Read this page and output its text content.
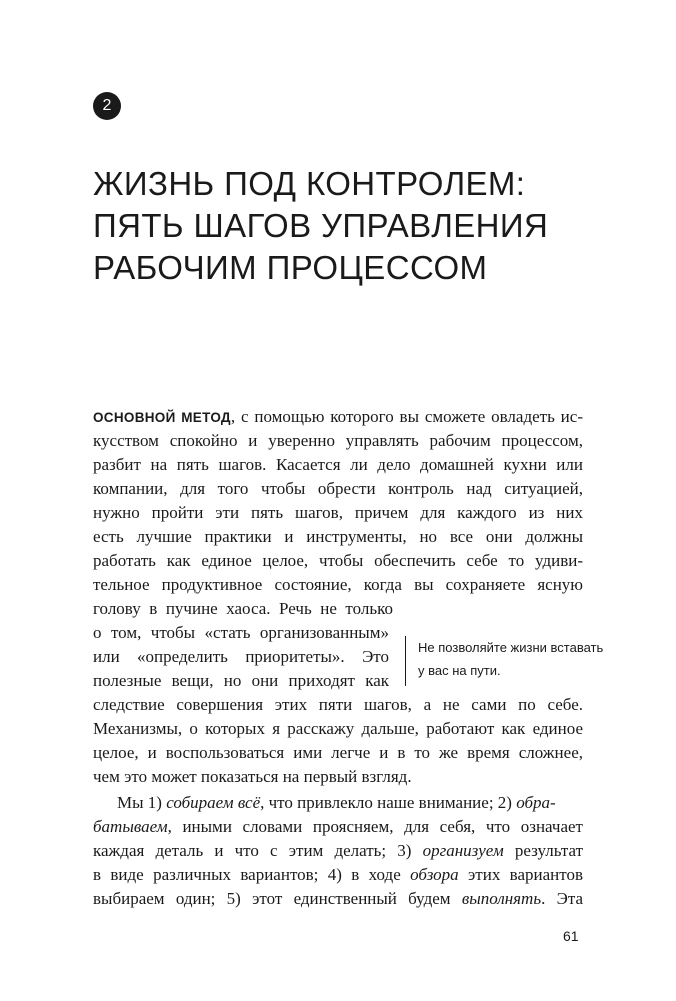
2
ЖИЗНЬ ПОД КОНТРОЛЕМ:
ПЯТЬ ШАГОВ УПРАВЛЕНИЯ
РАБОЧИМ ПРОЦЕССОМ
ОСНОВНОЙ МЕТОД, с помощью которого вы сможете овладеть ис-
кусством спокойно и уверенно управлять рабочим процессом,
разбит на пять шагов. Касается ли дело домашней кухни или
компании, для того чтобы обрести контроль над ситуацией,
нужно пройти эти пять шагов, причем для каждого из них
есть лучшие практики и инструменты, но все они должны
работать как единое целое, чтобы обеспечить себе то удиви-
тельное продуктивное состояние, когда вы сохраняете ясную
голову в пучине хаоса. Речь не только
о том, чтобы «стать организованным»
или «определить приоритеты». Это
полезные вещи, но они приходят как
следствие совершения этих пяти шагов, а не сами по себе.
Механизмы, о которых я расскажу дальше, работают как единое
целое, и воспользоваться ими легче и в то же время сложнее,
чем это может показаться на первый взгляд.
Мы 1) собираем всё, что привлекло наше внимание; 2) обра-
батываем, иными словами проясняем, для себя, что означает
каждая деталь и что с этим делать; 3) организуем результат
в виде различных вариантов; 4) в ходе обзора этих вариантов
выбираем один; 5) этот единственный будем выполнять. Эта
Не позволяйте жизни вставать
у вас на пути.
61
